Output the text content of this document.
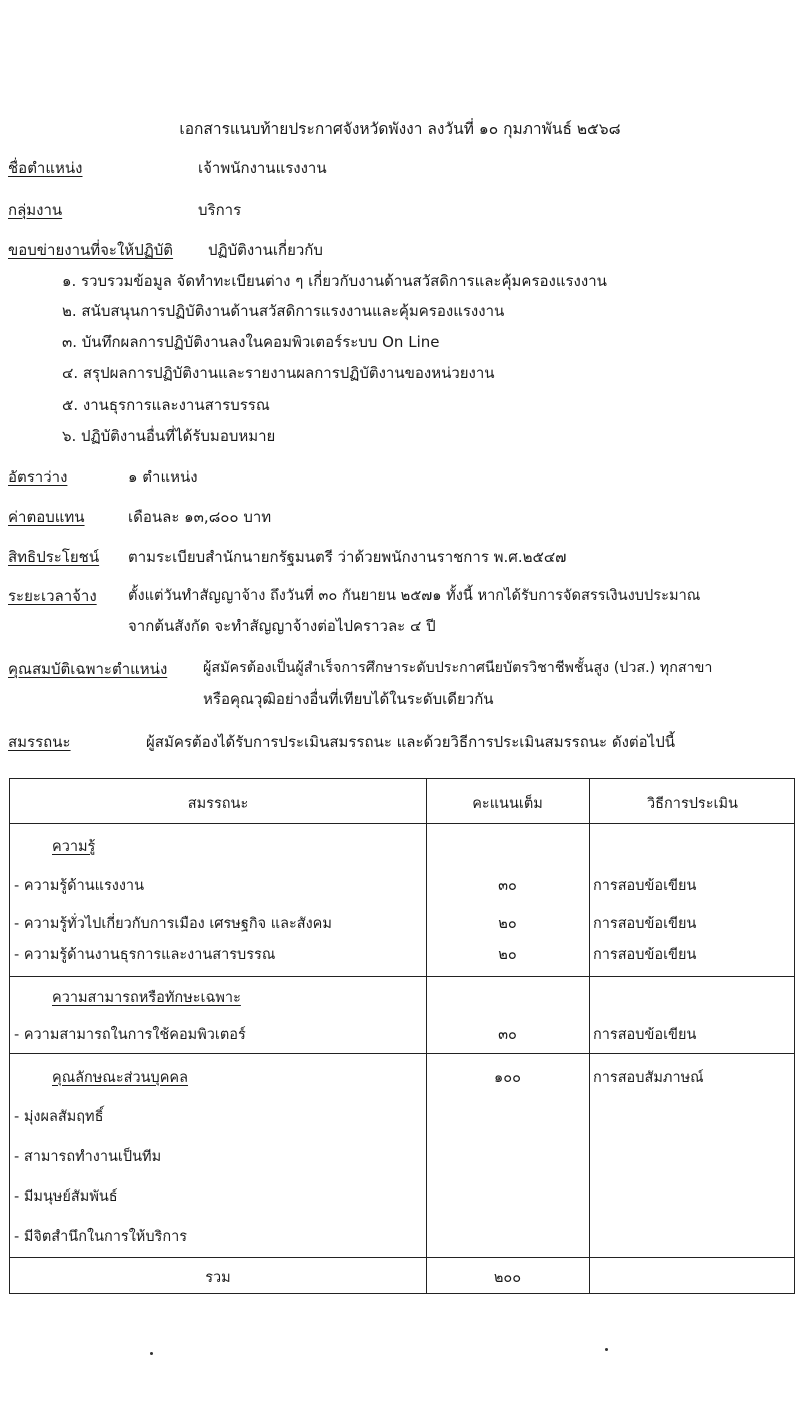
เอกสารแนบท้ายประกาศจังหวัดพังงา ลงวันที่ ๑๐ กุมภาพันธ์ ๒๕๖๘
ชื่อตำแหน่ง	เจ้าพนักงานแรงงาน
กลุ่มงาน	บริการ
ขอบข่ายงานที่จะให้ปฏิบัติ ปฏิบัติงานเกี่ยวกับ
๑. รวบรวมข้อมูล จัดทำทะเบียนต่าง ๆ เกี่ยวกับงานด้านสวัสดิการและคุ้มครองแรงงาน
๒. สนับสนุนการปฏิบัติงานด้านสวัสดิการแรงงานและคุ้มครองแรงงาน
๓. บันทึกผลการปฏิบัติงานลงในคอมพิวเตอร์ระบบ On Line
๔. สรุปผลการปฏิบัติงานและรายงานผลการปฏิบัติงานของหน่วยงาน
๕. งานธุรการและงานสารบรรณ
๖. ปฏิบัติงานอื่นที่ได้รับมอบหมาย
อัตราว่าง	๑ ตำแหน่ง
ค่าตอบแทน	เดือนละ ๑๓,๘๐๐ บาท
สิทธิประโยชน์ ตามระเบียบสำนักนายกรัฐมนตรี ว่าด้วยพนักงานราชการ พ.ศ.๒๕๔๗
ระยะเวลาจ้าง ตั้งแต่วันทำสัญญาจ้าง ถึงวันที่ ๓๐ กันยายน ๒๕๗๑ ทั้งนี้ หากได้รับการจัดสรรเงินงบประมาณ
จากต้นสังกัด จะทำสัญญาจ้างต่อไปคราวละ ๔ ปี
คุณสมบัติเฉพาะตำแหน่ง ผู้สมัครต้องเป็นผู้สำเร็จการศึกษาระดับประกาศนียบัตรวิชาชีพชั้นสูง (ปวส.) ทุกสาขา
หรือคุณวุฒิอย่างอื่นที่เทียบได้ในระดับเดียวกัน
สมรรถนะ	ผู้สมัครต้องได้รับการประเมินสมรรถนะ และด้วยวิธีการประเมินสมรรถนะ ดังต่อไปนี้
สมรรถนะ	คะแนนเต็ม	วิธีการประเมิน
ความรู้
- ความรู้ด้านแรงงาน	๓๐	การสอบข้อเขียน
- ความรู้ทั่วไปเกี่ยวกับการเมือง เศรษฐกิจ และสังคม	๒๐	การสอบข้อเขียน
- ความรู้ด้านงานธุรการและงานสารบรรณ	๒๐	การสอบข้อเขียน
ความสามารถหรือทักษะเฉพาะ
- ความสามารถในการใช้คอมพิวเตอร์	๓๐	การสอบข้อเขียน
คุณลักษณะส่วนบุคคล	๑๐๐	การสอบสัมภาษณ์
- มุ่งผลสัมฤทธิ์
- สามารถทำงานเป็นทีม
- มีมนุษย์สัมพันธ์
- มีจิตสำนึกในการให้บริการ
รวม	๒๐๐
